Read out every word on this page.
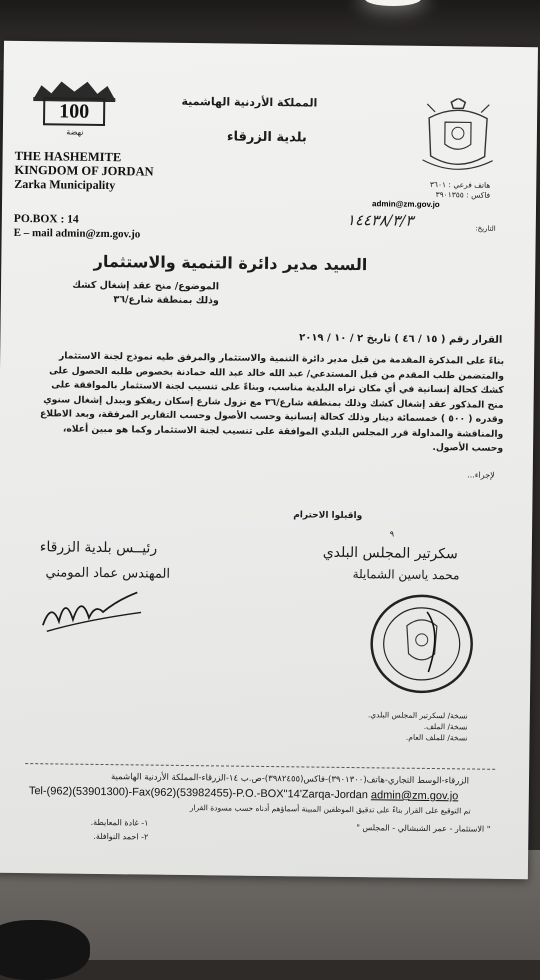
100
نهضة
المملكة الأردنية الهاشمية
بلدية الزرقاء
THE HASHEMITE
KINGDOM OF JORDAN
Zarka Municipality
PO.BOX : 14
E – mail admin@zm.gov.jo
هاتف فرعي : ٣٦٠١
فاكس : ٣٩٠١٣٥٥
admin@zm.gov.jo
١٤٤٣٨/٣/٣	التاريخ:
السيد مدير دائرة التنمية والاستثمار
الموضوع/ منح عقد إشغال كشك
وذلك بمنطقة شارع/٣٦
القرار رقم ( ١٥ / ٤٦ ) تاريخ ٢ / ١٠ / ٢٠١٩
بناءً على المذكرة المقدمة من قبل مدير دائرة التنمية والاستثمار والمرفق طيه نموذج لجنة الاستثمار والمتضمن طلب المقدم من قبل المستدعي/ عبد الله خالد عبد الله حمادنة بخصوص طلبه الحصول على كشك كحالة إنسانية في أي مكان تراه البلدية مناسب، وبناءً على تنسيب لجنة الاستثمار بالموافقة على منح المذكور عقد إشغال كشك وذلك بمنطقة شارع/٣٦ مع نزول شارع إسكان ريفكو وببدل إشغال سنوي وقدره ( ٥٠٠ ) خمسمائة دينار وذلك كحالة إنسانية وحسب الأصول وحسب التقارير المرفقة، وبعد الاطلاع والمناقشة والمداولة قرر المجلس البلدي الموافقة على تنسيب لجنة الاستثمار وكما هو مبين أعلاه، وحسب الأصول.
لإجراء...
واقبلوا الاحترام
٩
رئيــس بلدية الزرقاء
المهندس عماد المومني
سكرتير المجلس البلدي
محمد ياسين الشمايلة
نسخة/ لسكرتير المجلس البلدي.
نسخة/ الملف.
نسخة/ للملف العام.
الزرقاء-الوسط التجاري-هاتف(٣٩٠١٣٠٠)-فاكس(٣٩٨٢٤٥٥)-ص.ب ١٤-الزرقاء-المملكة الأردنية الهاشمية
Tel-(962)(53901300)-Fax(962)(53982455)-P.O.-BOX"14'Zarqa-Jordan admin@zm.gov.jo
تم التوقيع على القرار بناءً على تدقيق الموظفين المبينة أسماؤهم أدناه حسب مسودة القرار
١- غادة المعايطة.
٢- احمد النوافلة.
" الاستثمار - عمر الشبشالي - المجلس "
